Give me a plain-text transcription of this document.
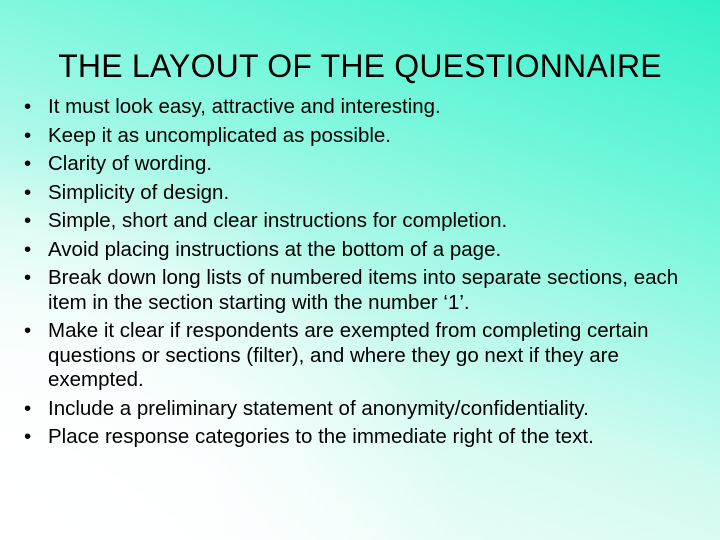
THE LAYOUT OF THE QUESTIONNAIRE
• It must look easy, attractive and interesting.
• Keep it as uncomplicated as possible.
• Clarity of wording.
• Simplicity of design.
• Simple, short and clear instructions for completion.
• Avoid placing instructions at the bottom of a page.
• Break down long lists of numbered items into separate sections, each item in the section starting with the number ‘1’.
• Make it clear if respondents are exempted from completing certain questions or sections (filter), and where they go next if they are exempted.
• Include a preliminary statement of anonymity/confidentiality.
• Place response categories to the immediate right of the text.
